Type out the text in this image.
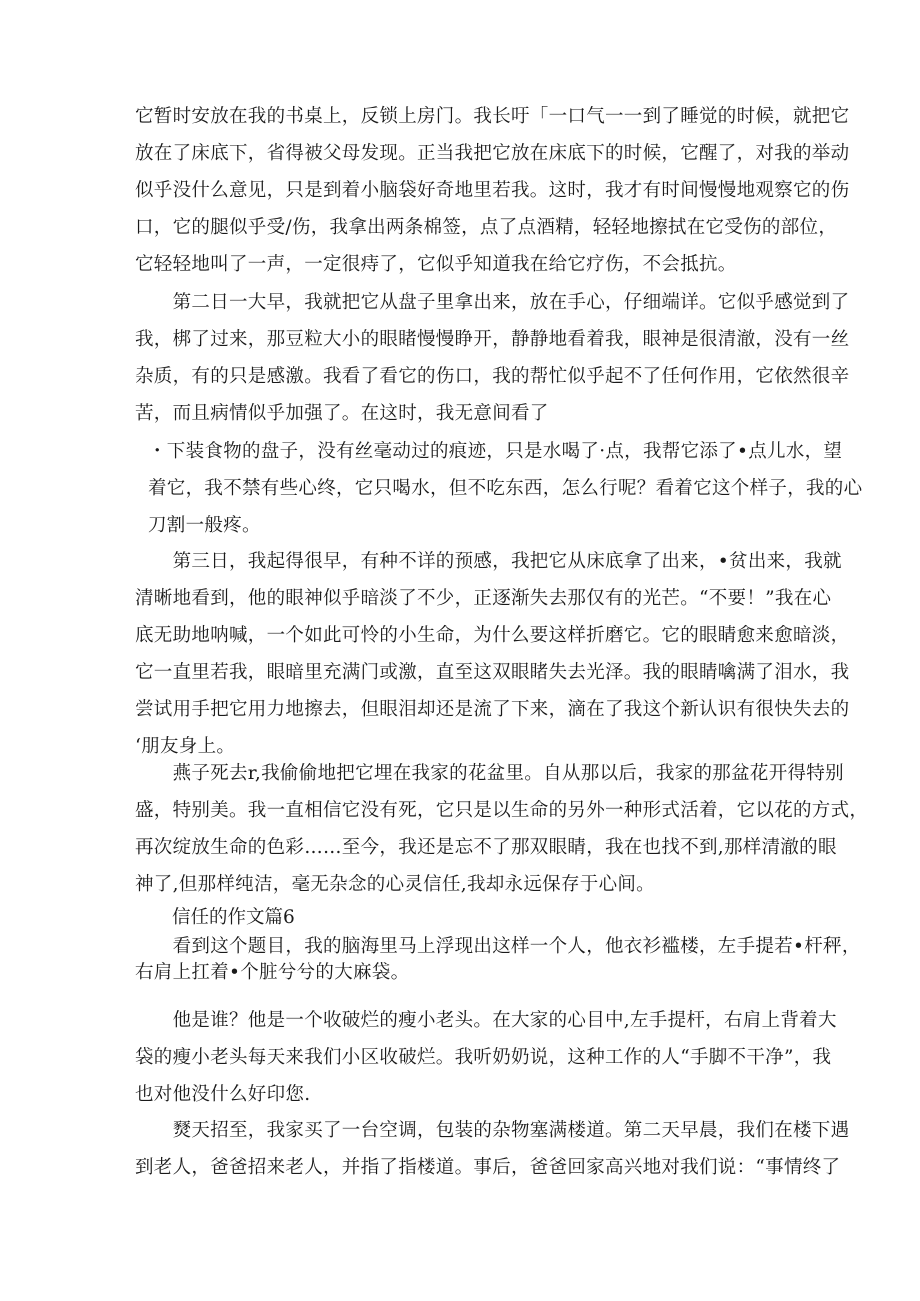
它暂时安放在我的书桌上，反锁上房门。我长吁「一口气一一到了睡觉的时候，就把它
放在了床底下，省得被父母发现。正当我把它放在床底下的时候，它醒了，对我的举动
似乎没什么意见，只是到着小脑袋好奇地里若我。这时，我才有时间慢慢地观察它的伤
口，它的腿似乎受/伤，我拿出两条棉签，点了点酒精，轻轻地擦拭在它受伤的部位，
它轻轻地叫了一声，一定很痔了，它似乎知道我在给它疗伤，不会抵抗。
　　第二日一大早，我就把它从盘子里拿出来，放在手心，仔细端详。它似乎感觉到了
我，梆了过来，那豆粒大小的眼睹慢慢睁开，静静地看着我，眼神是很清澈，没有一丝
杂质，有的只是感激。我看了看它的伤口，我的帮忙似乎起不了任何作用，它依然很辛
苦，而且病情似乎加强了。在这时，我无意间看了
・下装食物的盘子，没有丝毫动过的痕迹，只是水喝了·点，我帮它添了•点儿水，望
着它，我不禁有些心终，它只喝水，但不吃东西，怎么行呢？看着它这个样子，我的心
刀割一般疼。
　　第三日，我起得很早，有种不详的预感，我把它从床底拿了出来，•贫出来，我就
清晰地看到，他的眼神似乎暗淡了不少，正逐渐失去那仅有的光芒。“不要！”我在心
底无助地呐喊，一个如此可怜的小生命，为什么要这样折磨它。它的眼睛愈来愈暗淡，
它一直里若我，眼暗里充满门或激，直至这双眼睹失去光泽。我的眼睛噙满了泪水，我
尝试用手把它用力地擦去，但眼泪却还是流了下来，滴在了我这个新认识有很快失去的
‘朋友身上。
　　燕子死去r,我偷偷地把它埋在我家的花盆里。自从那以后，我家的那盆花开得特别
盛，特别美。我一直相信它没有死，它只是以生命的另外一种形式活着，它以花的方式，
再次绽放生命的色彩……至今，我还是忘不了那双眼睛，我在也找不到,那样清澈的眼
神了,但那样纯洁，毫无杂念的心灵信任,我却永远保存于心间。
信任的作文篇6
　　看到这个题目，我的脑海里马上浮现出这样一个人，他衣衫褴楼，左手提若•杆秤，
右肩上扛着•个脏兮兮的大麻袋。
　　他是谁？他是一个收破烂的瘦小老头。在大家的心目中,左手提杆，右肩上背着大
袋的瘦小老头每天来我们小区收破烂。我听奶奶说，这种工作的人“手脚不干净”，我
也对他没什么好印您.
　　燹天招至，我家买了一台空调，包装的杂物塞满楼道。第二天早晨，我们在楼下遇
到老人，爸爸招来老人，并指了指楼道。事后，爸爸回家高兴地对我们说：“事情终了
